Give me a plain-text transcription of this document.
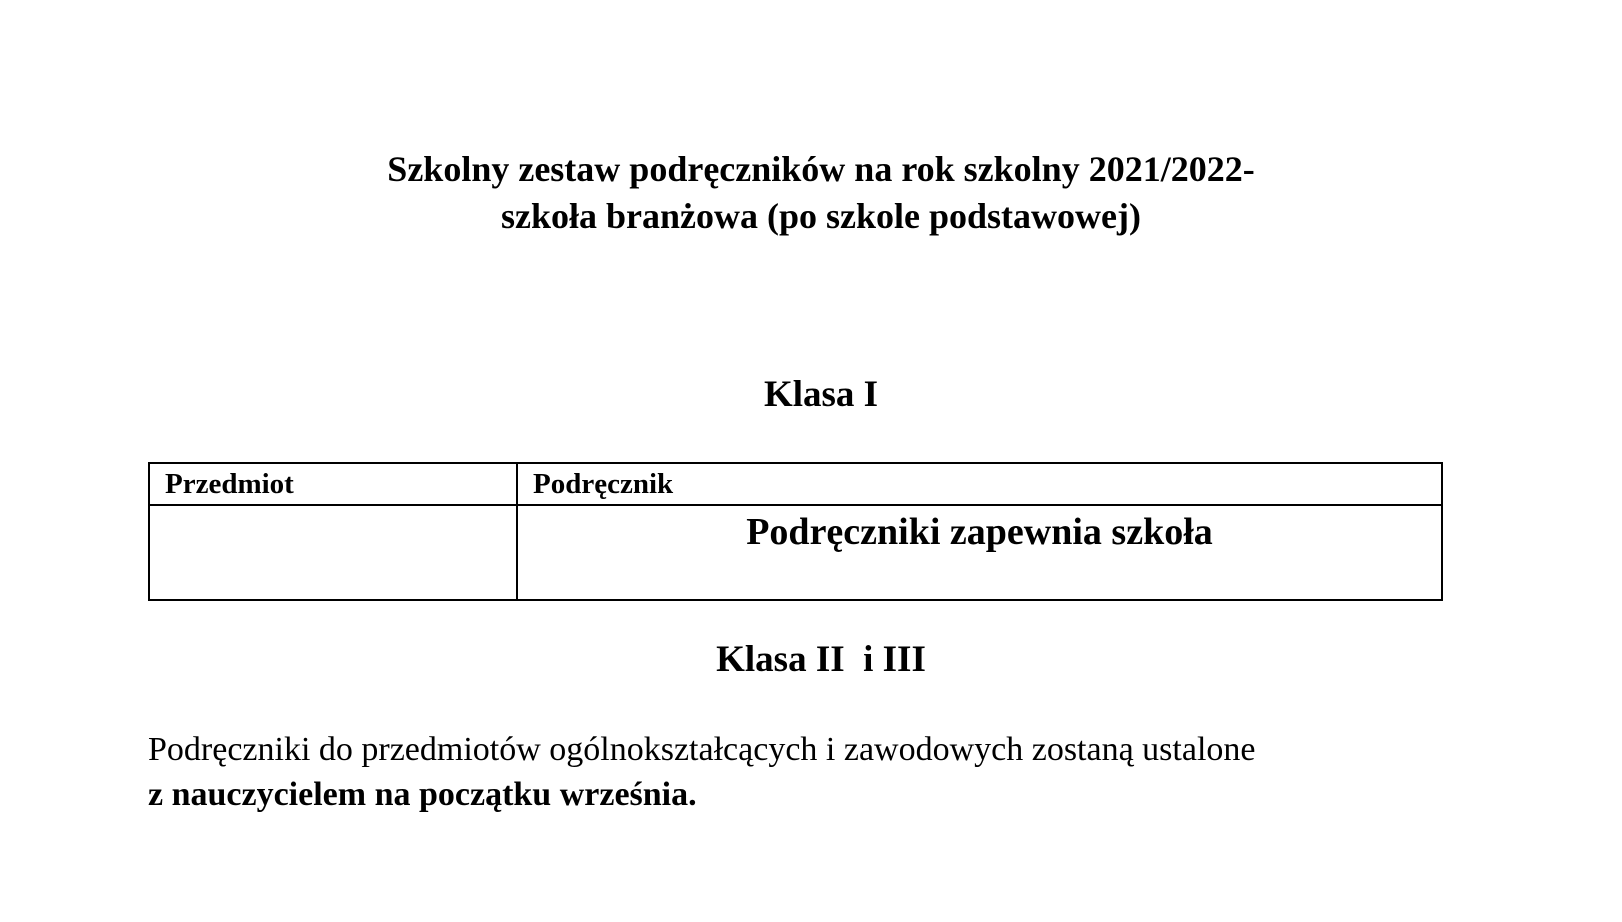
Szkolny zestaw podręczników na rok szkolny 2021/2022-
szkoła branżowa (po szkole podstawowej)
Klasa I
Przedmiot	Podręcznik

	Podręczniki zapewnia szkoła
Klasa II  i III
Podręczniki do przedmiotów ogólnokształcących i zawodowych zostaną ustalone
z nauczycielem na początku września.
